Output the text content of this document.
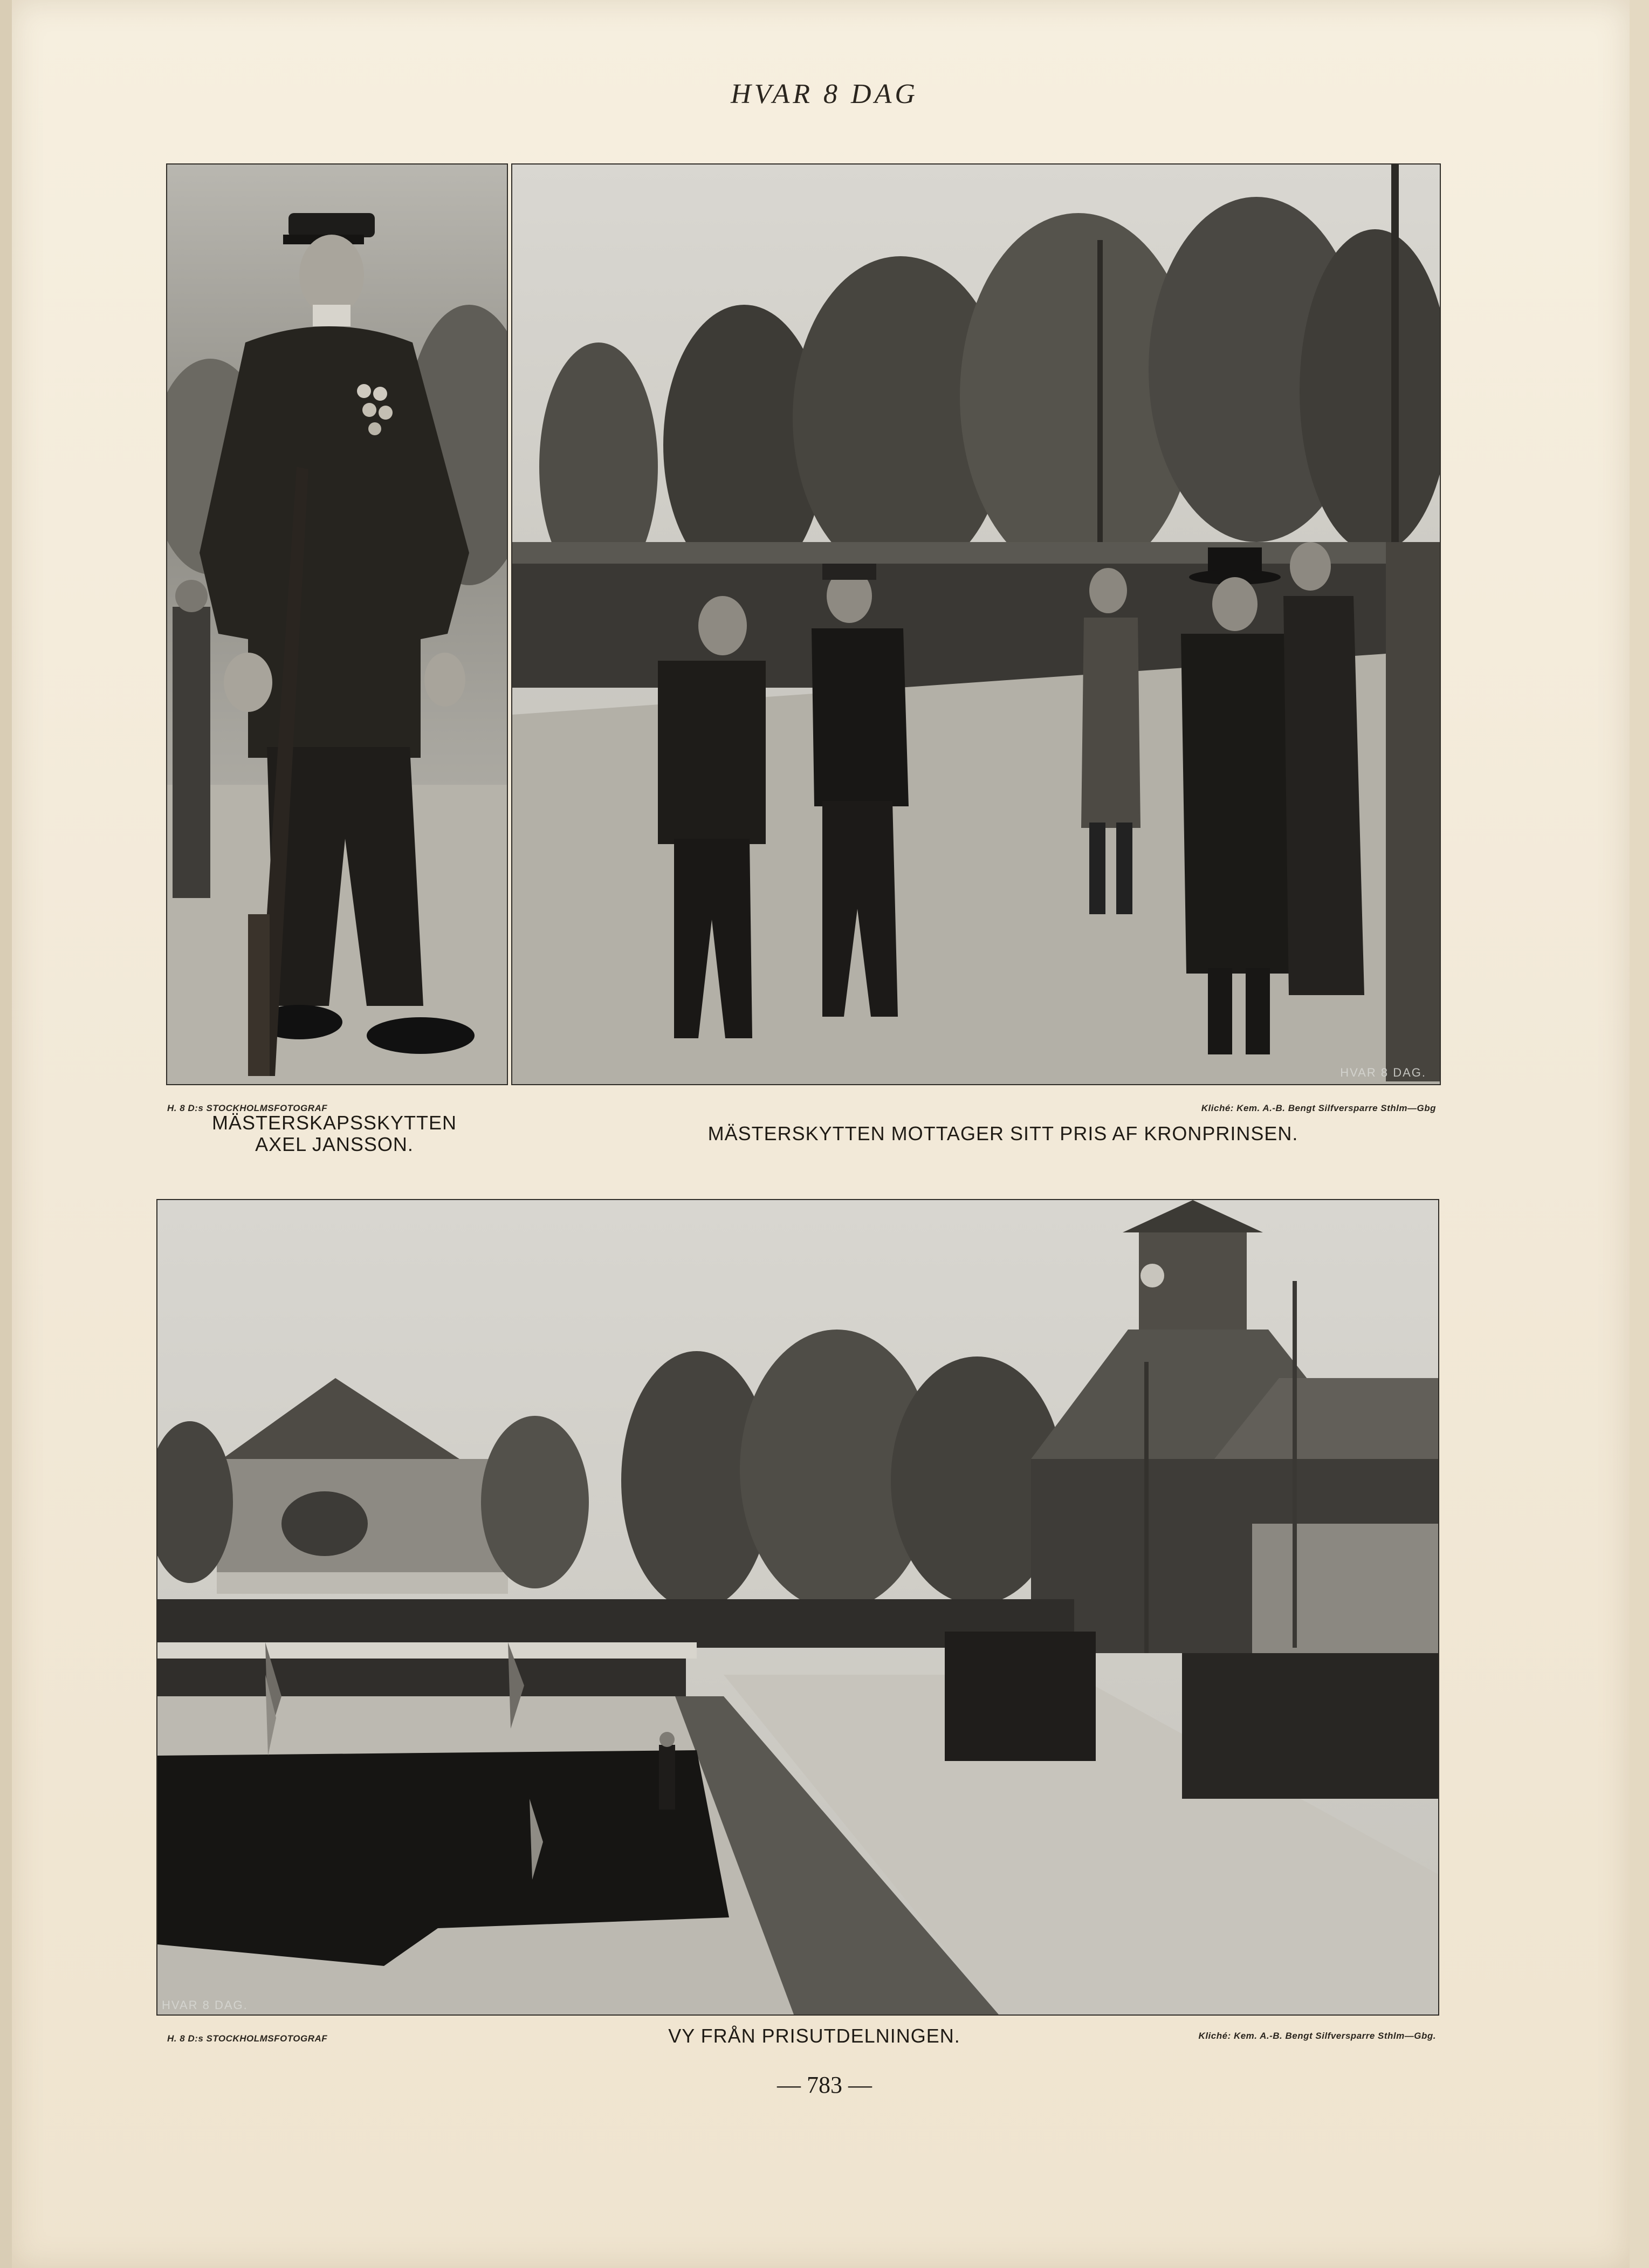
HVAR 8 DAG
HVAR 8 DAG.
H. 8 D:s STOCKHOLMSFOTOGRAF
MÄSTERSKAPSSKYTTEN
AXEL JANSSON.
Kliché: Kem. A.-B. Bengt Silfversparre Sthlm—Gbg
MÄSTERSKYTTEN MOTTAGER SITT PRIS AF KRONPRINSEN.
HVAR 8 DAG.
H. 8 D:s STOCKHOLMSFOTOGRAF	VY FRÅN PRISUTDELNINGEN.	Kliché: Kem. A.-B. Bengt Silfversparre Sthlm—Gbg.
— 783 —
